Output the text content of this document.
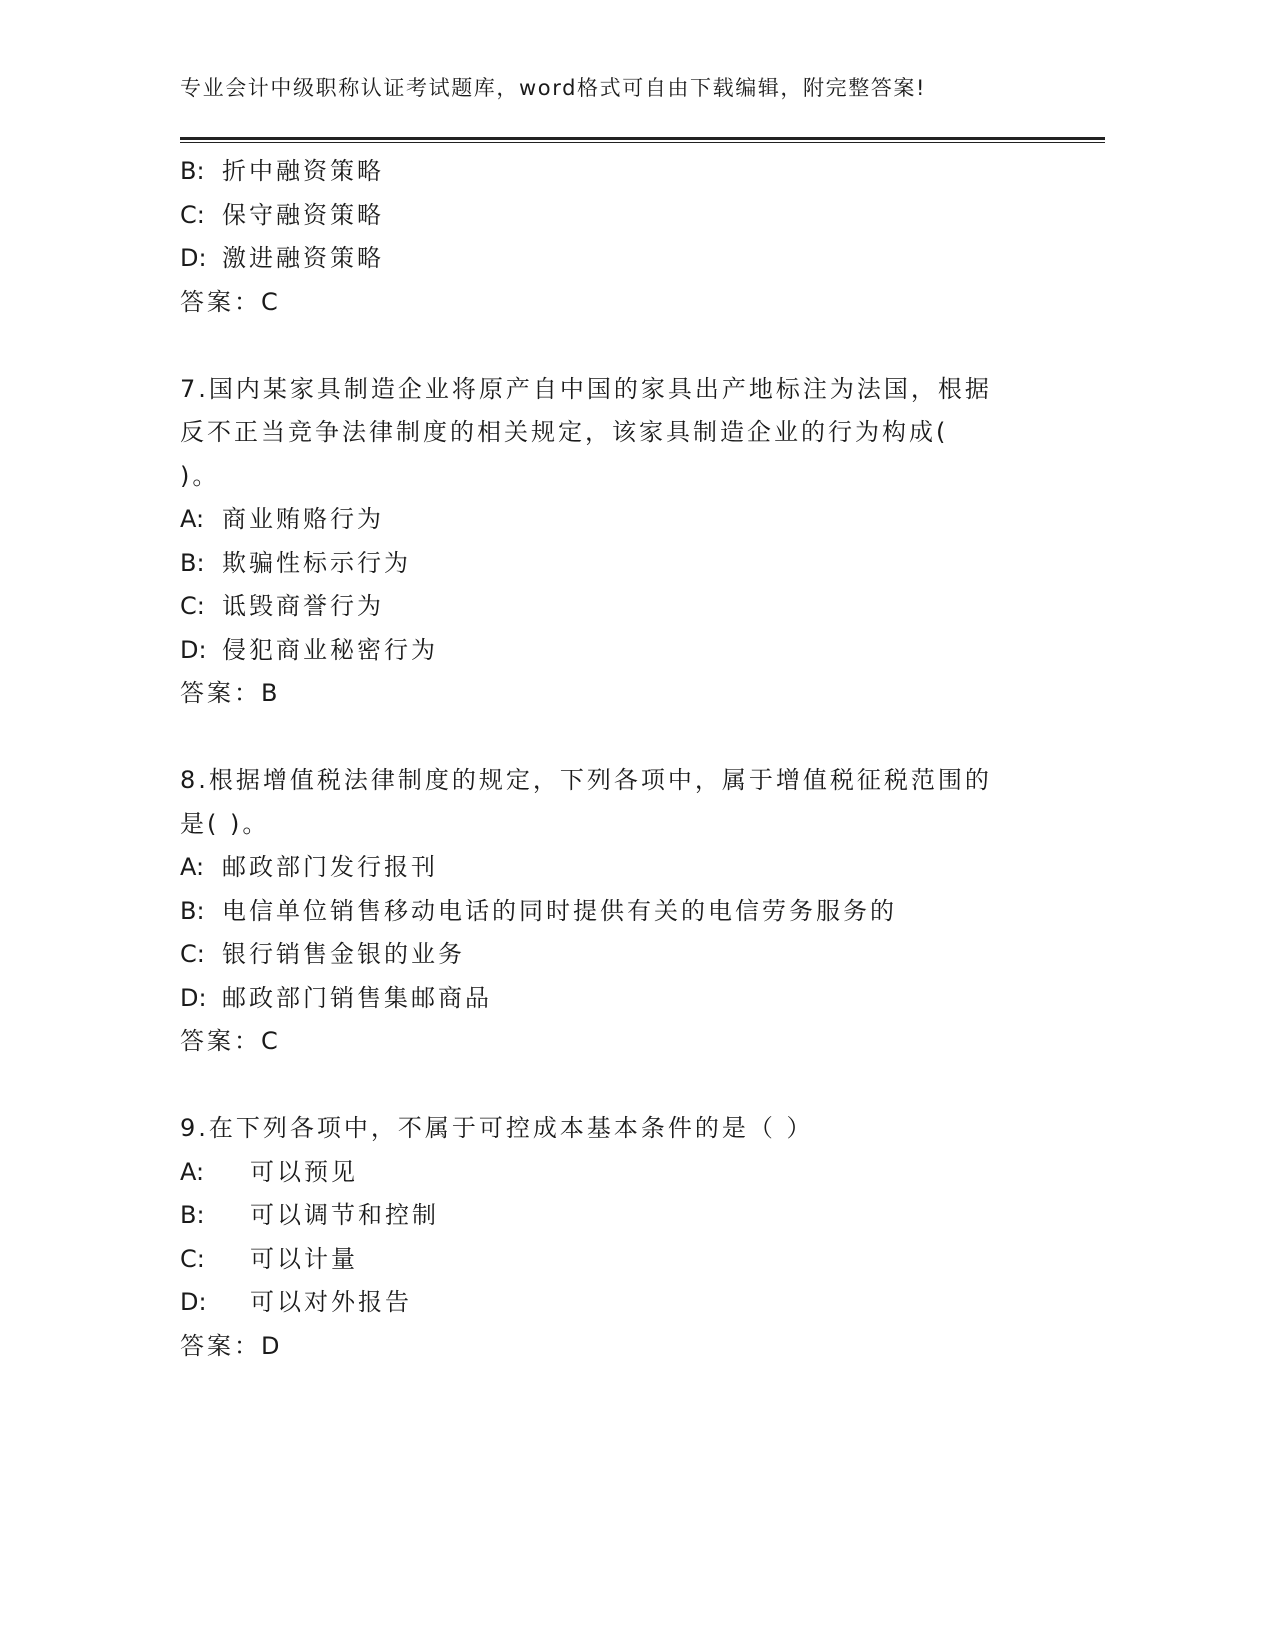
专业会计中级职称认证考试题库，word格式可自由下载编辑，附完整答案!
B: 折中融资策略
C: 保守融资策略
D: 激进融资策略
答案：C
7.国内某家具制造企业将原产自中国的家具出产地标注为法国，根据
反不正当竞争法律制度的相关规定，该家具制造企业的行为构成(
)。
A: 商业贿赂行为
B: 欺骗性标示行为
C: 诋毁商誉行为
D: 侵犯商业秘密行为
答案：B
8.根据增值税法律制度的规定，下列各项中，属于增值税征税范围的
是( )。
A: 邮政部门发行报刊
B: 电信单位销售移动电话的同时提供有关的电信劳务服务的
C: 银行销售金银的业务
D: 邮政部门销售集邮商品
答案：C
9.在下列各项中，不属于可控成本基本条件的是（ ）
A: 可以预见
B: 可以调节和控制
C: 可以计量
D: 可以对外报告
答案：D
